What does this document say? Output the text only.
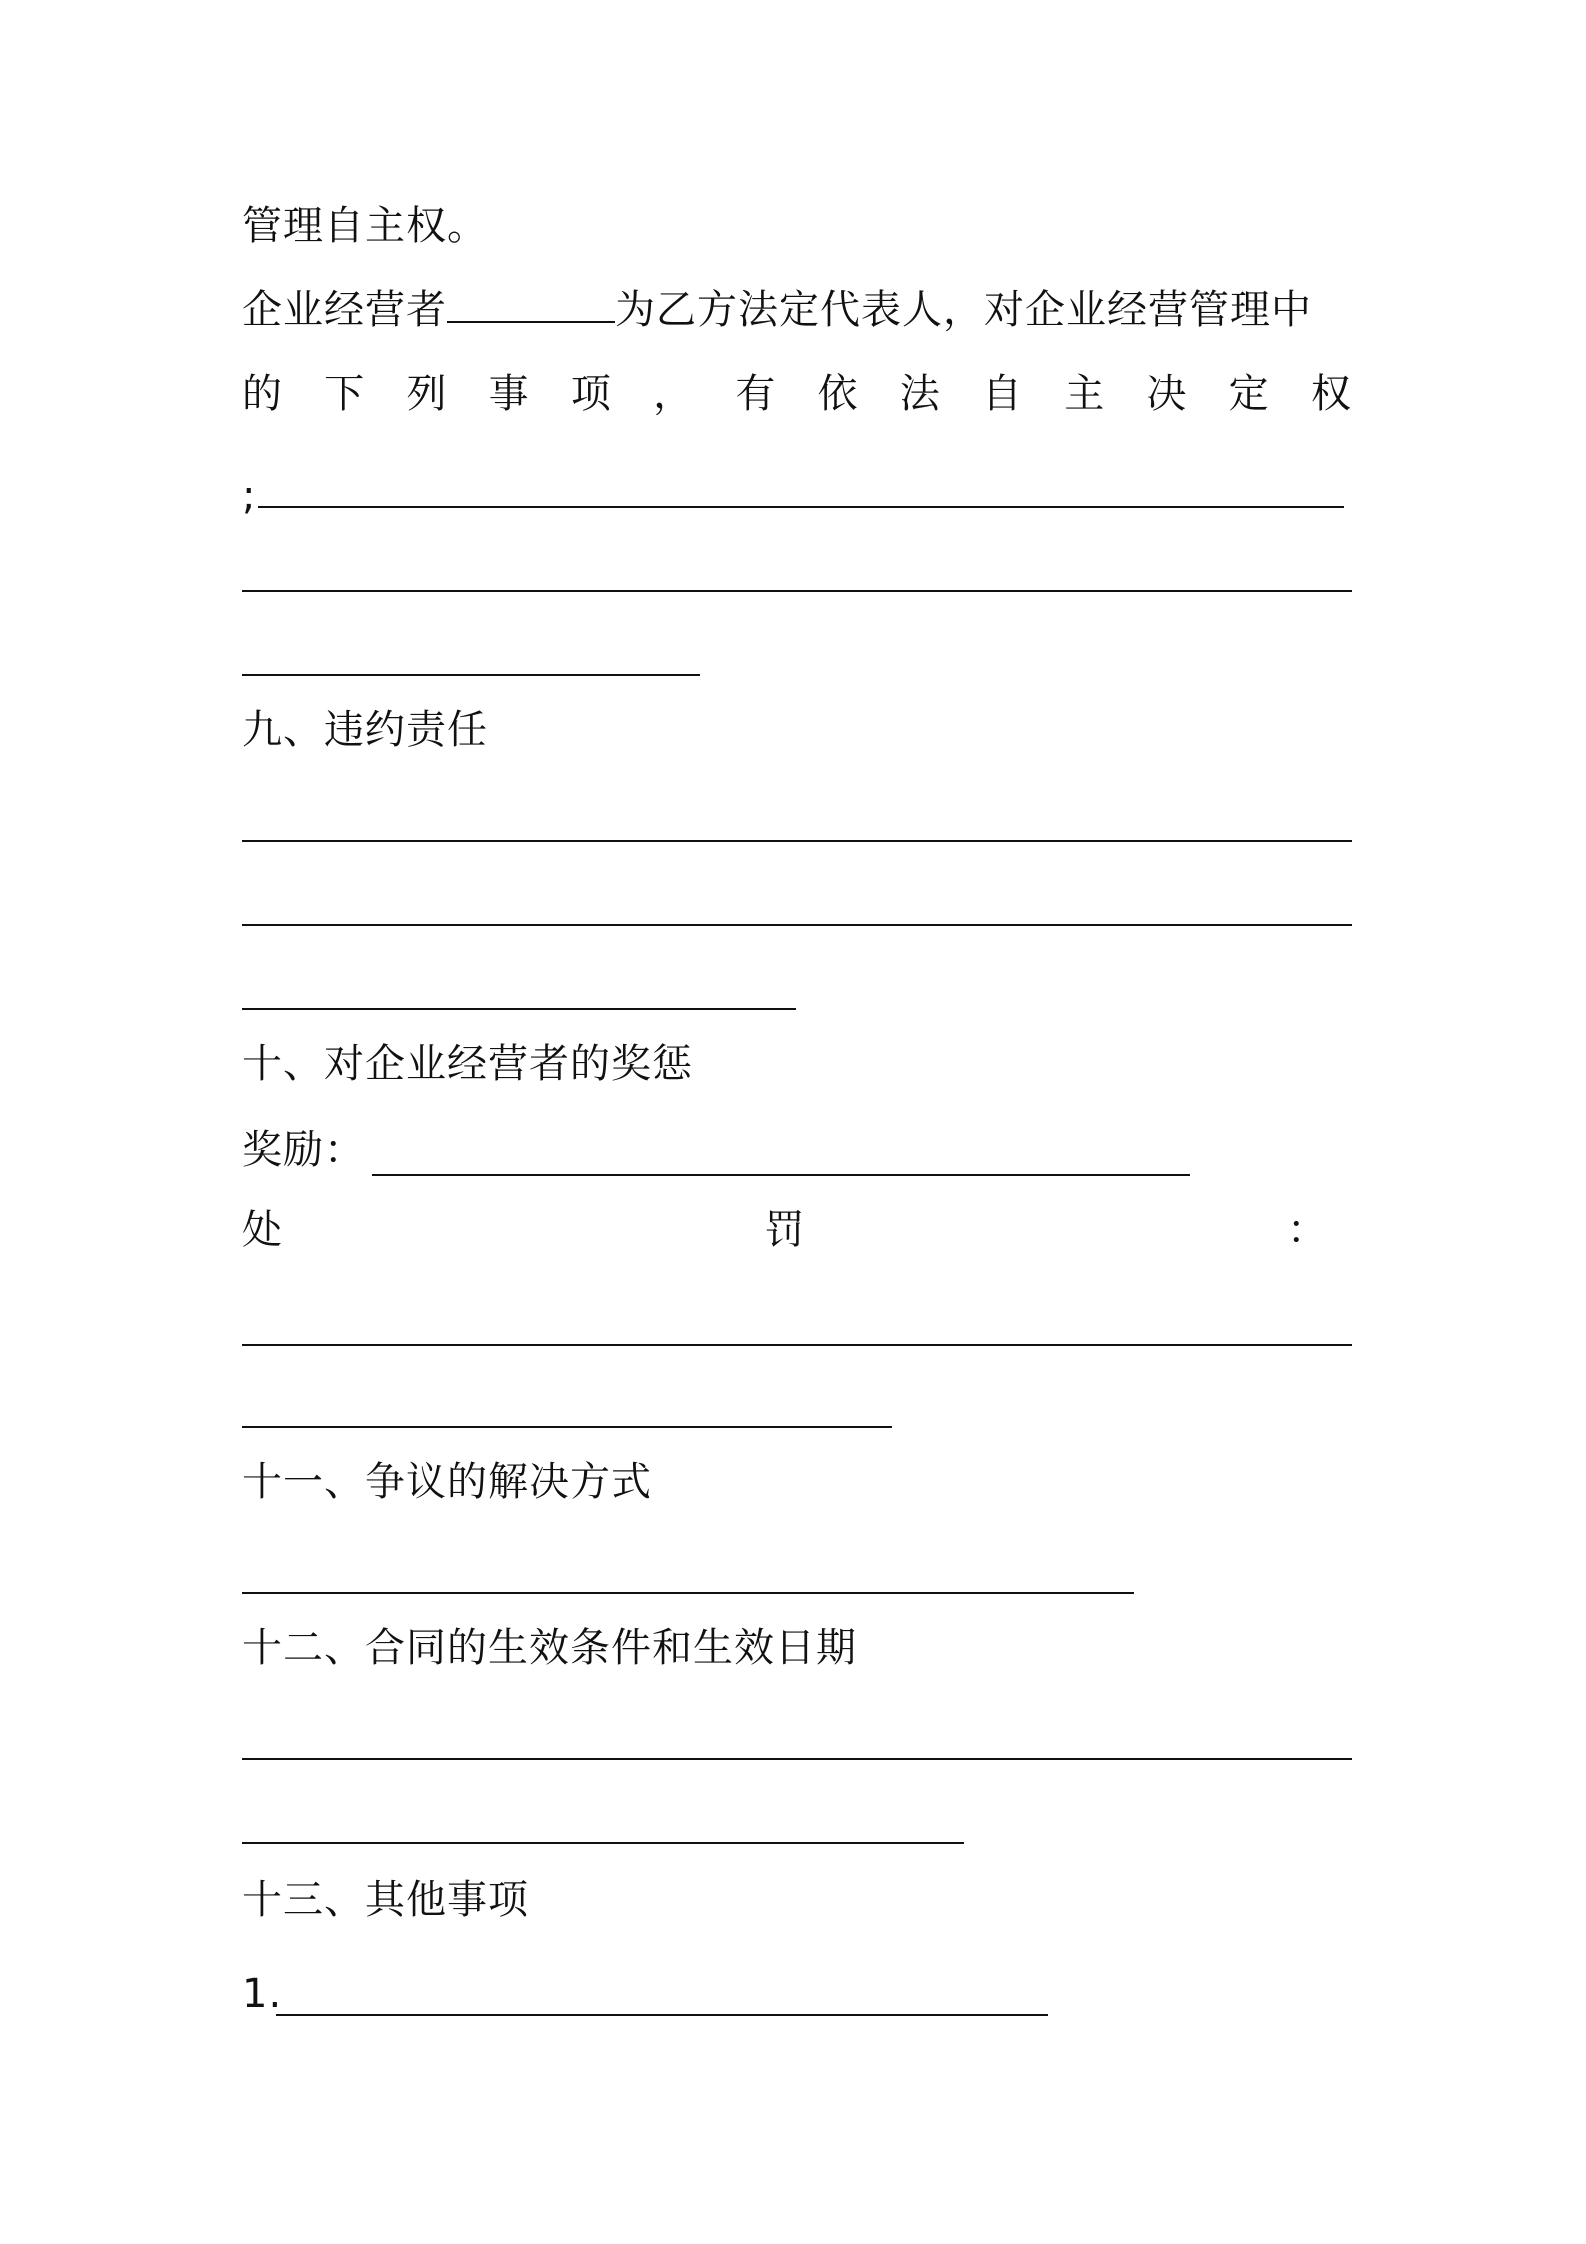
管理自主权。
企业经营者	为乙方法定代表人，对企业经营管理中
的 下 列 事 项 ， 有 依 法 自 主 决 定 权
;
九、违约责任
十、对企业经营者的奖惩
奖励：
处	罚	：
十一、争议的解决方式
十二、合同的生效条件和生效日期
十三、其他事项
1.
